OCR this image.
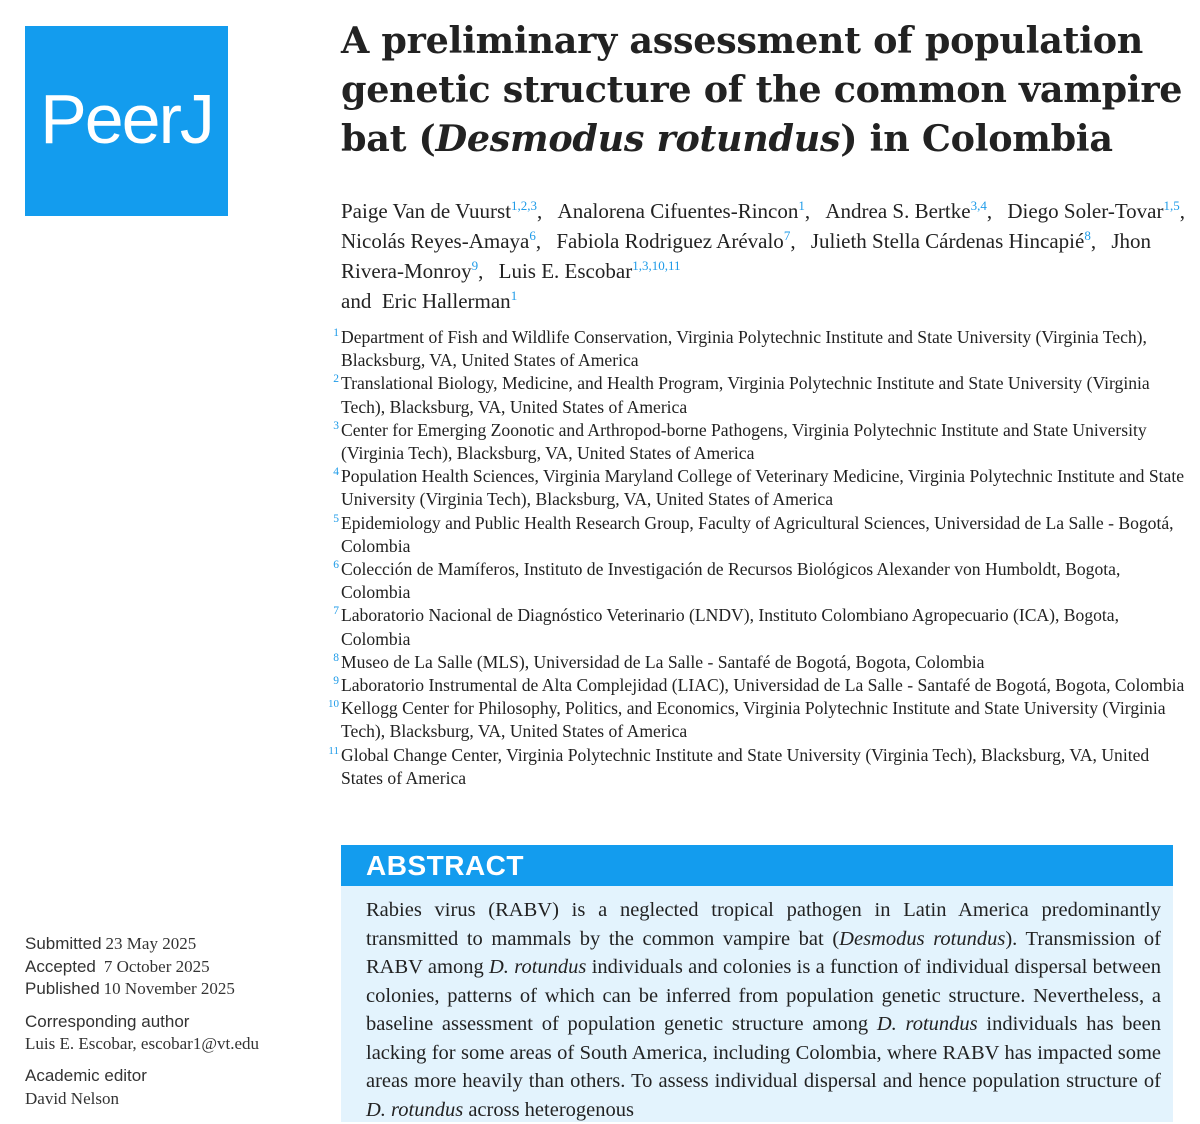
PeerJ
A preliminary assessment of population genetic structure of the common vampire bat (Desmodus rotundus) in Colombia

Paige Van de Vuurst$^{1,2,3}$, Analorena Cifuentes-Rincon$^1$, Andrea S. Bertke$^{3,4}$, Diego Soler-Tovar$^{1,5}$, Nicolás Reyes-Amaya$^6$, Fabiola Rodriguez Arévalo$^7$, Julieth Stella Cárdenas Hincapié$^8$, Jhon Rivera-Monroy$^9$, Luis E. Escobar$^{1,3,10,11}$
and  Eric Hallerman$^1$

1 Department of Fish and Wildlife Conservation, Virginia Polytechnic Institute and State University (Virginia Tech), Blacksburg, VA, United States of America
2 Translational Biology, Medicine, and Health Program, Virginia Polytechnic Institute and State University (Virginia Tech), Blacksburg, VA, United States of America
3 Center for Emerging Zoonotic and Arthropod-borne Pathogens, Virginia Polytechnic Institute and State University (Virginia Tech), Blacksburg, VA, United States of America
4 Population Health Sciences, Virginia Maryland College of Veterinary Medicine, Virginia Polytechnic Institute and State University (Virginia Tech), Blacksburg, VA, United States of America
5 Epidemiology and Public Health Research Group, Faculty of Agricultural Sciences, Universidad de La Salle - Bogotá, Colombia
6 Colección de Mamíferos, Instituto de Investigación de Recursos Biológicos Alexander von Humboldt, Bogota, Colombia
7 Laboratorio Nacional de Diagnóstico Veterinario (LNDV), Instituto Colombiano Agropecuario (ICA), Bogota, Colombia
8 Museo de La Salle (MLS), Universidad de La Salle - Santafé de Bogotá, Bogota, Colombia
9 Laboratorio Instrumental de Alta Complejidad (LIAC), Universidad de La Salle - Santafé de Bogotá, Bogota, Colombia
10 Kellogg Center for Philosophy, Politics, and Economics, Virginia Polytechnic Institute and State University (Virginia Tech), Blacksburg, VA, United States of America
11 Global Change Center, Virginia Polytechnic Institute and State University (Virginia Tech), Blacksburg, VA, United States of America
ABSTRACT
Rabies virus (RABV) is a neglected tropical pathogen in Latin America predominantly transmitted to mammals by the common vampire bat (Desmodus rotundus). Transmission of RABV among D. rotundus individuals and colonies is a function of individual dispersal between colonies, patterns of which can be inferred from population genetic structure. Nevertheless, a baseline assessment of population genetic structure among D. rotundus individuals has been lacking for some areas of South America, including Colombia, where RABV has impacted some areas more heavily than others. To assess individual dispersal and hence population structure of D. rotundus across heterogenous
Submitted 23 May 2025
Accepted 7 October 2025
Published 10 November 2025
Corresponding author
Luis E. Escobar, escobar1@vt.edu
Academic editor
David Nelson
